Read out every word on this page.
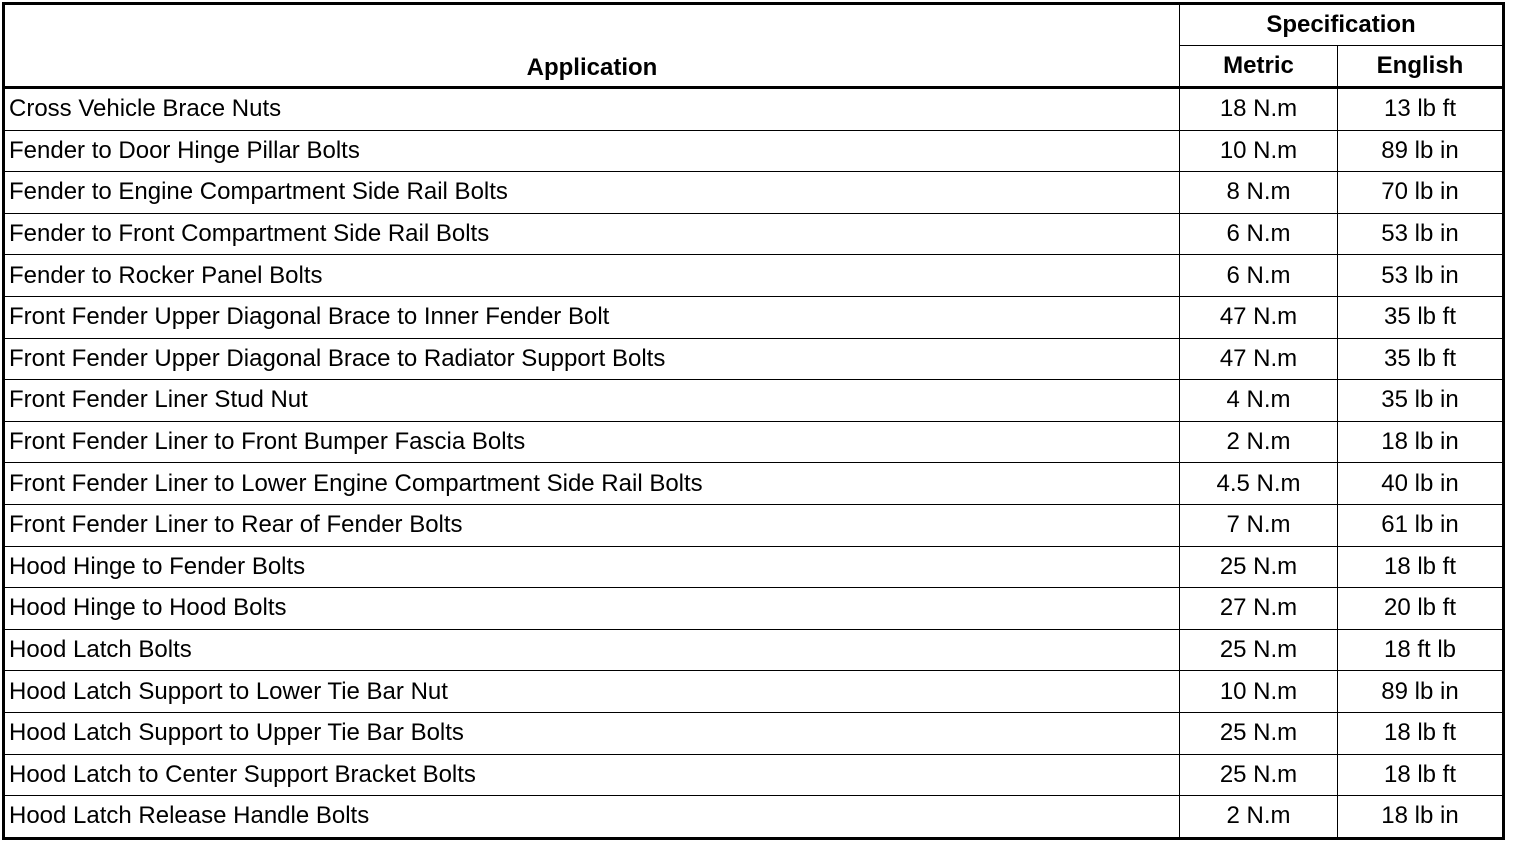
Application	Specification	
	Metric	English
Cross Vehicle Brace Nuts	18 N.m	13 lb ft
Fender to Door Hinge Pillar Bolts	10 N.m	89 lb in
Fender to Engine Compartment Side Rail Bolts	8 N.m	70 lb in
Fender to Front Compartment Side Rail Bolts	6 N.m	53 lb in
Fender to Rocker Panel Bolts	6 N.m	53 lb in
Front Fender Upper Diagonal Brace to Inner Fender Bolt	47 N.m	35 lb ft
Front Fender Upper Diagonal Brace to Radiator Support Bolts	47 N.m	35 lb ft
Front Fender Liner Stud Nut	4 N.m	35 lb in
Front Fender Liner to Front Bumper Fascia Bolts	2 N.m	18 lb in
Front Fender Liner to Lower Engine Compartment Side Rail Bolts	4.5 N.m	40 lb in
Front Fender Liner to Rear of Fender Bolts	7 N.m	61 lb in
Hood Hinge to Fender Bolts	25 N.m	18 lb ft
Hood Hinge to Hood Bolts	27 N.m	20 lb ft
Hood Latch Bolts	25 N.m	18 ft lb
Hood Latch Support to Lower Tie Bar Nut	10 N.m	89 lb in
Hood Latch Support to Upper Tie Bar Bolts	25 N.m	18 lb ft
Hood Latch to Center Support Bracket Bolts	25 N.m	18 lb ft
Hood Latch Release Handle Bolts	2 N.m	18 lb in
